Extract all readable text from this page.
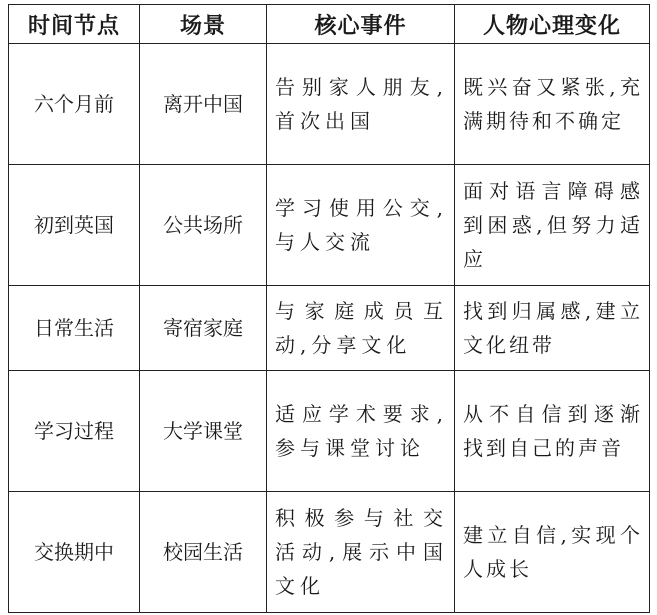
时间节点	场景	核心事件	人物心理变化
六个月前	离开中国	告别家人朋友,首次出国	既兴奋又紧张,充满期待和不确定
初到英国	公共场所	学习使用公交,与人交流	面对语言障碍感到困惑,但努力适应
日常生活	寄宿家庭	与家庭成员互动,分享文化	找到归属感,建立文化纽带
学习过程	大学课堂	适应学术要求,参与课堂讨论	从不自信到逐渐找到自己的声音
交换期中	校园生活	积极参与社交活动,展示中国文化	建立自信,实现个人成长
